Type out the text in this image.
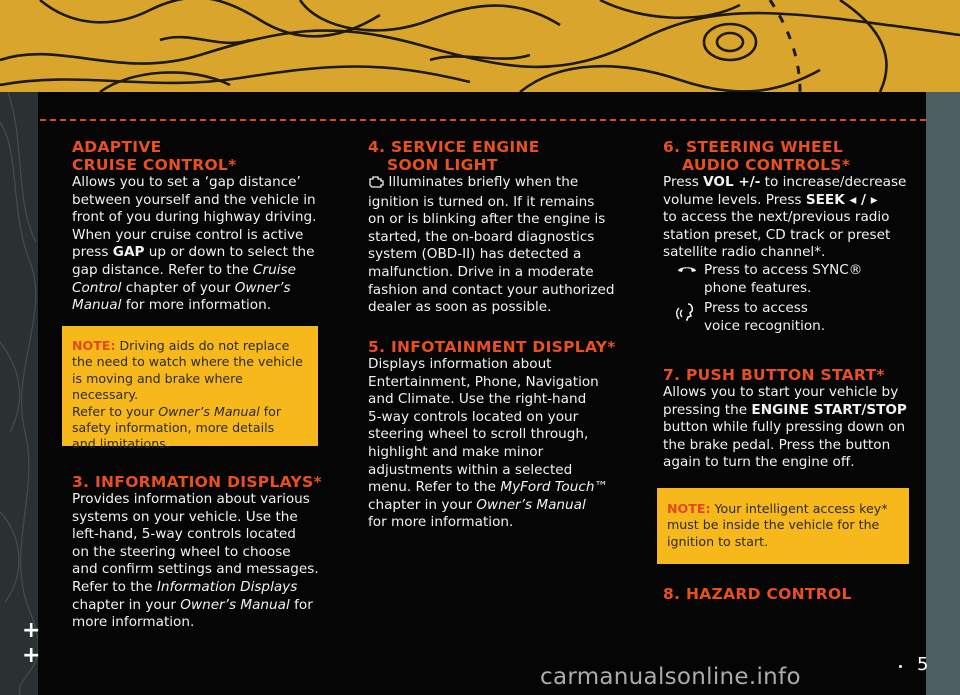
ADAPTIVE
CRUISE CONTROL*

Allows you to set a ‘gap distance’
between yourself and the vehicle in
front of you during highway driving.
When your cruise control is active
press GAP up or down to select the
gap distance. Refer to the Cruise
Control chapter of your Owner’s
Manual for more information.

NOTE: Driving aids do not replace
the need to watch where the vehicle
is moving and brake where necessary.
Refer to your Owner’s Manual for
safety information, more details
and limitations.

3. INFORMATION DISPLAYS*

Provides information about various
systems on your vehicle. Use the
left-hand, 5-way controls located
on the steering wheel to choose
and confirm settings and messages.
Refer to the Information Displays
chapter in your Owner’s Manual for
more information.

4. SERVICE ENGINE
SOON LIGHT

Illuminates briefly when the
ignition is turned on. If it remains
on or is blinking after the engine is
started, the on-board diagnostics
system (OBD-II) has detected a
malfunction. Drive in a moderate
fashion and contact your authorized
dealer as soon as possible.

5. INFOTAINMENT DISPLAY*

Displays information about
Entertainment, Phone, Navigation
and Climate. Use the right-hand
5-way controls located on your
steering wheel to scroll through,
highlight and make minor
adjustments within a selected
menu. Refer to the MyFord Touch™
chapter in your Owner’s Manual
for more information.

6. STEERING WHEEL
AUDIO CONTROLS*

Press VOL +/- to increase/decrease
volume levels. Press SEEK ◂ / ▸
to access the next/previous radio
station preset, CD track or preset
satellite radio channel*.

Press to access SYNC®
phone features.
Press to access
voice recognition.

7. PUSH BUTTON START*

Allows you to start your vehicle by
pressing the ENGINE START/STOP
button while fully pressing down on
the brake pedal. Press the button
again to turn the engine off.

NOTE: Your intelligent access key*
must be inside the vehicle for the
ignition to start.

8. HAZARD CONTROL

+
+	5
carmanualsonline.info
